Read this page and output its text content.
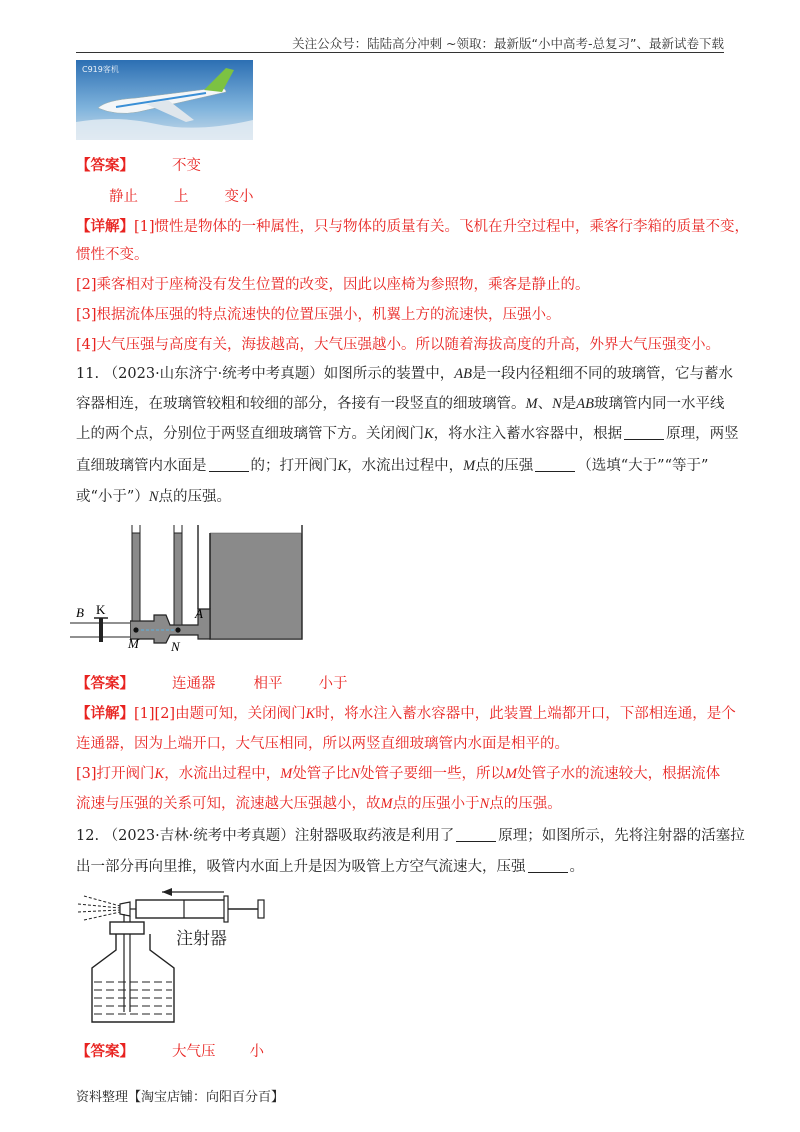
关注公众号：陆陆高分冲刺 ~领取：最新版“小中高考-总复习”、最新试卷下载
C919客机
【答案】	不变
静止 上 变小
【详解】[1]惯性是物体的一种属性，只与物体的质量有关。飞机在升空过程中，乘客行李箱的质量不变，
惯性不变。
[2]乘客相对于座椅没有发生位置的改变，因此以座椅为参照物，乘客是静止的。
[3]根据流体压强的特点流速快的位置压强小，机翼上方的流速快，压强小。
[4]大气压强与高度有关，海拔越高，大气压强越小。所以随着海拔高度的升高，外界大气压强变小。
11. （2023·山东济宁·统考中考真题）如图所示的装置中，AB是一段内径粗细不同的玻璃管，它与蓄水
容器相连，在玻璃管较粗和较细的部分，各接有一段竖直的细玻璃管。M、N是AB玻璃管内同一水平线
上的两个点，分别位于两竖直细玻璃管下方。关闭阀门K，将水注入蓄水容器中，根据	原理，两竖
直细玻璃管内水面是	的；打开阀门K，水流出过程中，M点的压强	（选填“大于”“等于”
或“小于”）N点的压强。
B K	A
M N
【答案】	连通器	相平 小于
【详解】[1][2]由题可知，关闭阀门K时，将水注入蓄水容器中，此装置上端都开口，下部相连通，是个
连通器，因为上端开口，大气压相同，所以两竖直细玻璃管内水面是相平的。
[3]打开阀门K，水流出过程中，M处管子比N处管子要细一些，所以M处管子水的流速较大，根据流体
流速与压强的关系可知，流速越大压强越小，故M点的压强小于N点的压强。
12. （2023·吉林·统考中考真题）注射器吸取药液是利用了	原理；如图所示，先将注射器的活塞拉
出一部分再向里推，吸管内水面上升是因为吸管上方空气流速大，压强	。
注射器
【答案】	大气压 小
资料整理【淘宝店铺：向阳百分百】
